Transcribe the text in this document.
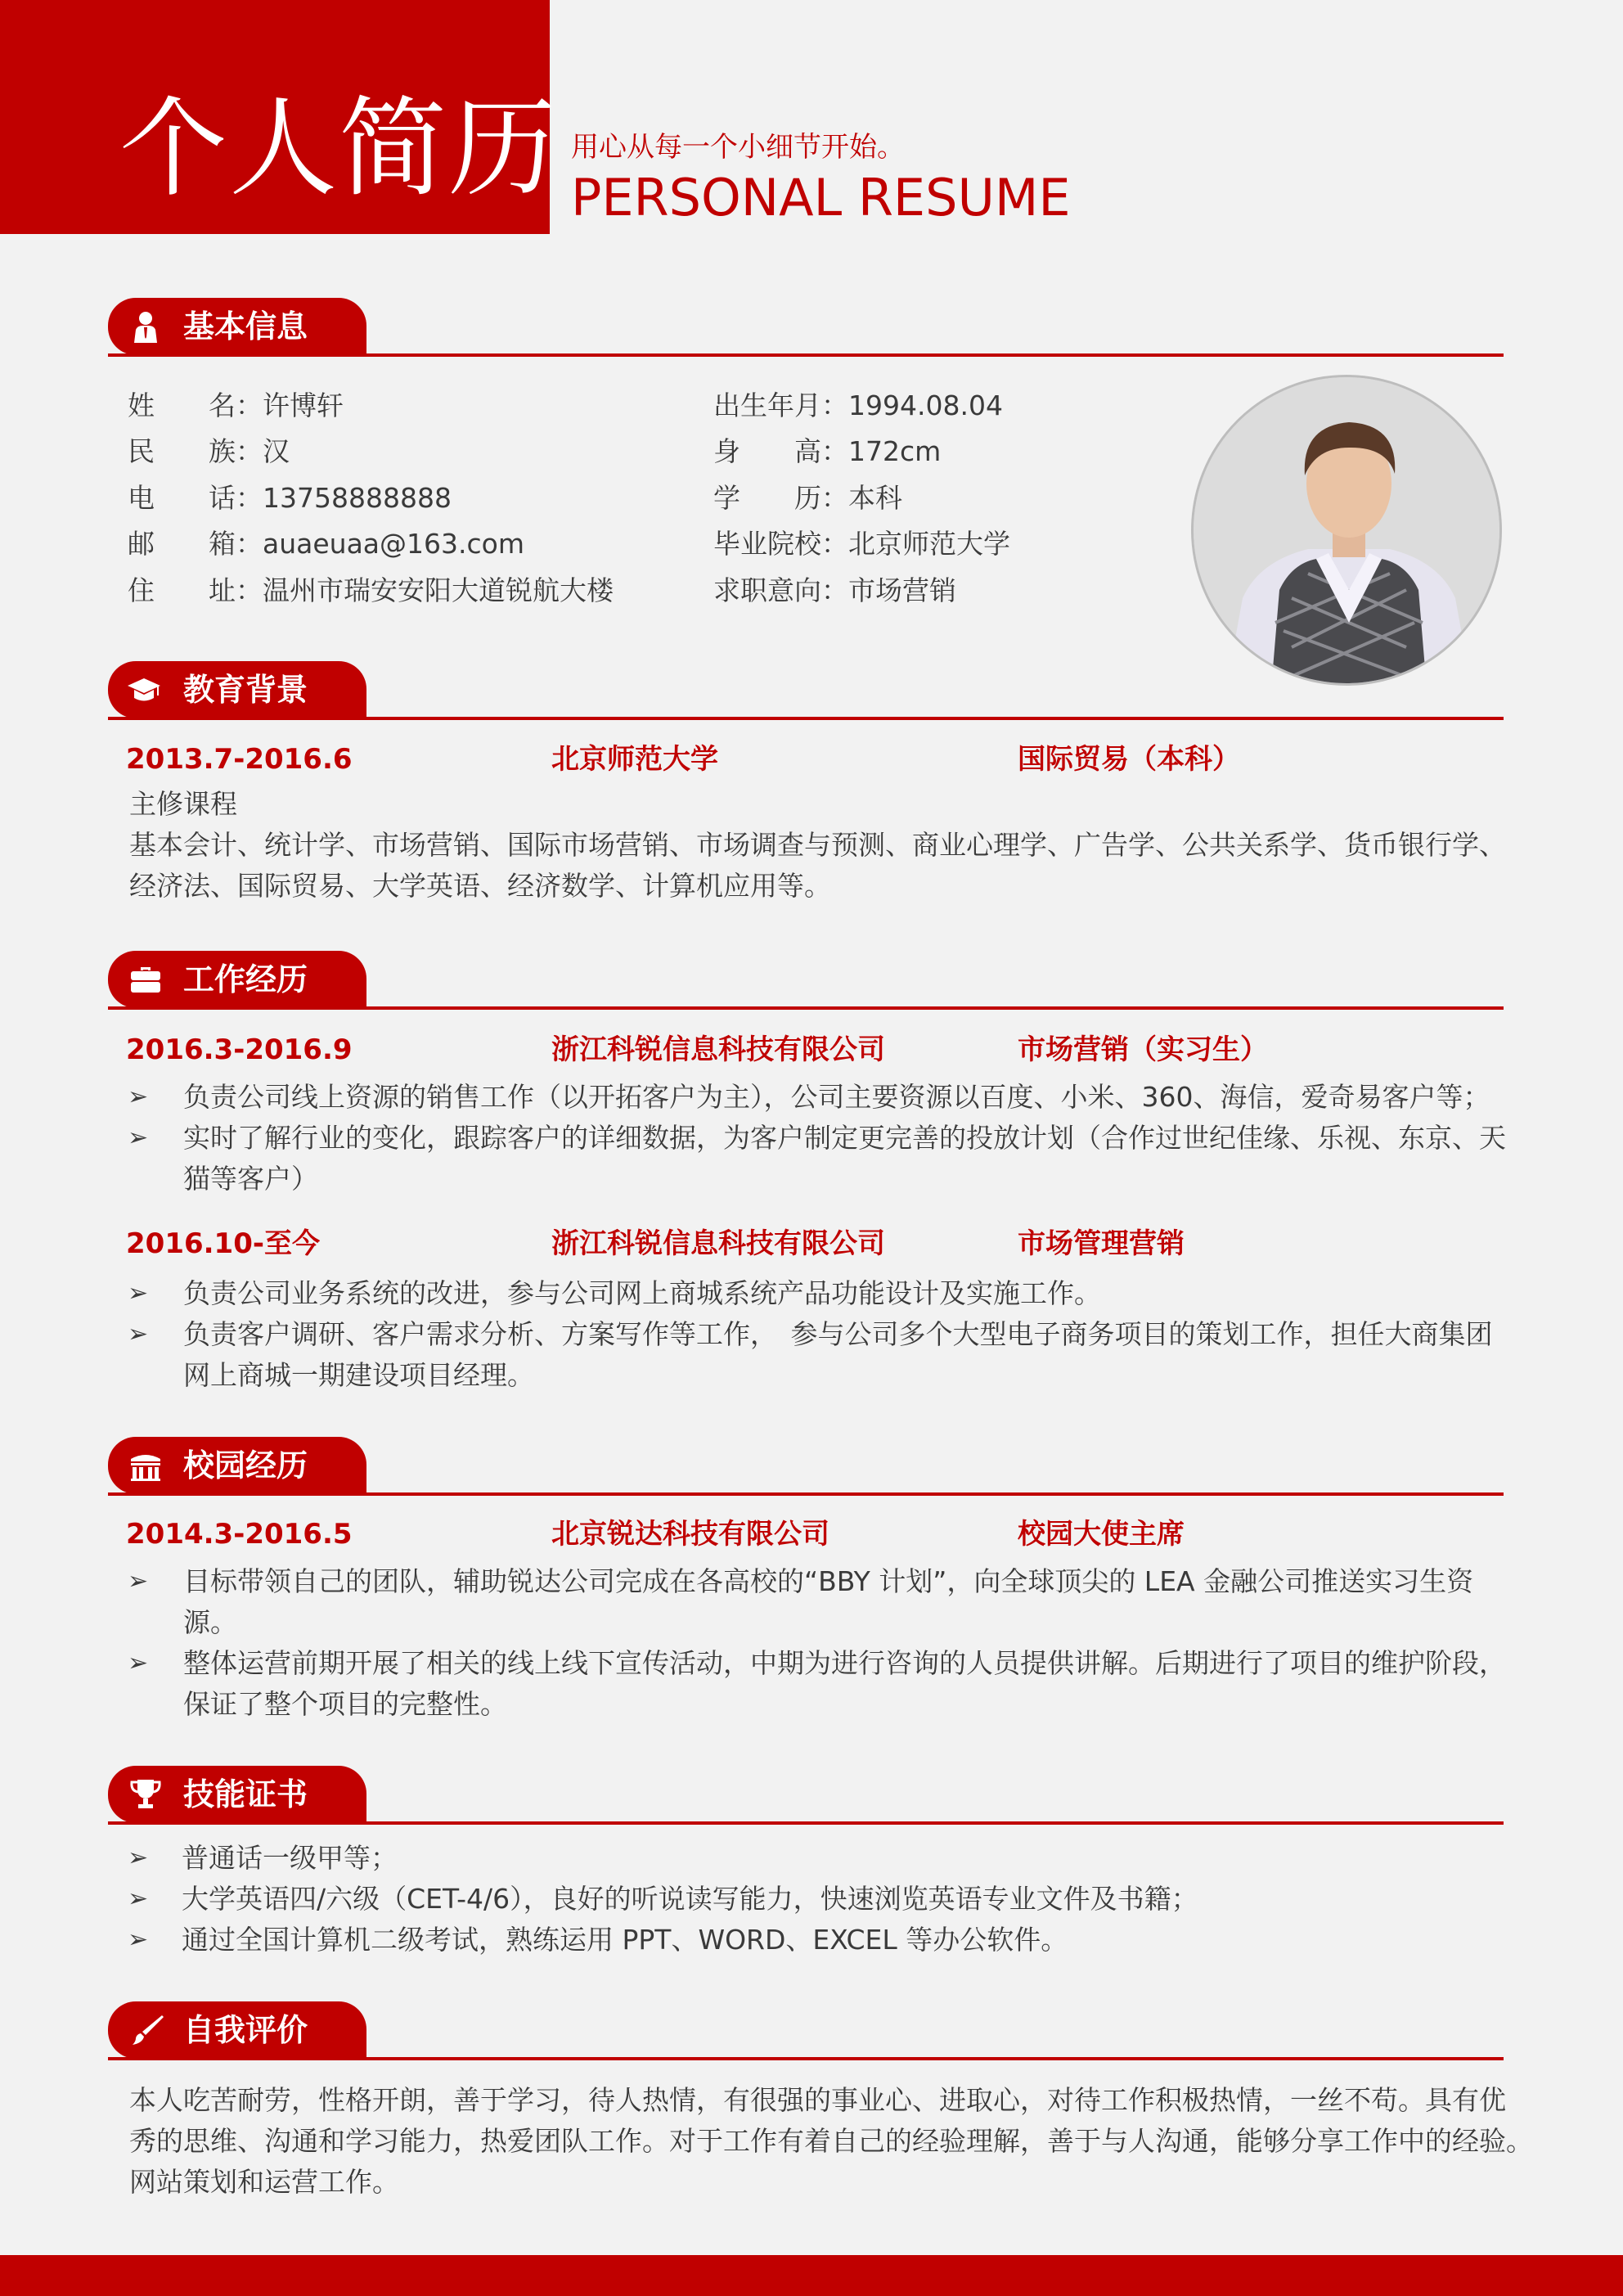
个人简历 用心从每一个小细节开始。
PERSONAL RESUME
基本信息
姓　　名：许博轩
民　　族：汉
电　　话：13758888888
邮　　箱：auaeuaa@163.com
住　　址：温州市瑞安安阳大道锐航大楼
出生年月：1994.08.04
身　　高：172cm
学　　历：本科
毕业院校：北京师范大学
求职意向：市场营销
教育背景
2013.7-2016.6	北京师范大学	国际贸易（本科）
主修课程
基本会计、统计学、市场营销、国际市场营销、市场调查与预测、商业心理学、广告学、公共关系学、货币银行学、
经济法、国际贸易、大学英语、经济数学、计算机应用等。
工作经历
2016.3-2016.9	浙江科锐信息科技有限公司	市场营销（实习生）
➢ 负责公司线上资源的销售工作（以开拓客户为主），公司主要资源以百度、小米、360、海信，爱奇易客户等；
➢ 实时了解行业的变化，跟踪客户的详细数据，为客户制定更完善的投放计划（合作过世纪佳缘、乐视、东京、天
猫等客户）
2016.10-至今	浙江科锐信息科技有限公司	市场管理营销
➢ 负责公司业务系统的改进，参与公司网上商城系统产品功能设计及实施工作。
➢ 负责客户调研、客户需求分析、方案写作等工作，　参与公司多个大型电子商务项目的策划工作，担任大商集团
网上商城一期建设项目经理。
校园经历
2014.3-2016.5	北京锐达科技有限公司	校园大使主席
➢ 目标带领自己的团队，辅助锐达公司完成在各高校的“BBY 计划”，向全球顶尖的 LEA 金融公司推送实习生资
源。
➢ 整体运营前期开展了相关的线上线下宣传活动，中期为进行咨询的人员提供讲解。后期进行了项目的维护阶段，
保证了整个项目的完整性。
技能证书
➢ 普通话一级甲等；
➢ 大学英语四/六级（CET-4/6），良好的听说读写能力，快速浏览英语专业文件及书籍；
➢ 通过全国计算机二级考试，熟练运用 PPT、WORD、EXCEL 等办公软件。
自我评价
本人吃苦耐劳，性格开朗，善于学习，待人热情，有很强的事业心、进取心，对待工作积极热情，一丝不苟。具有优
秀的思维、沟通和学习能力，热爱团队工作。对于工作有着自己的经验理解，善于与人沟通，能够分享工作中的经验。
网站策划和运营工作。
